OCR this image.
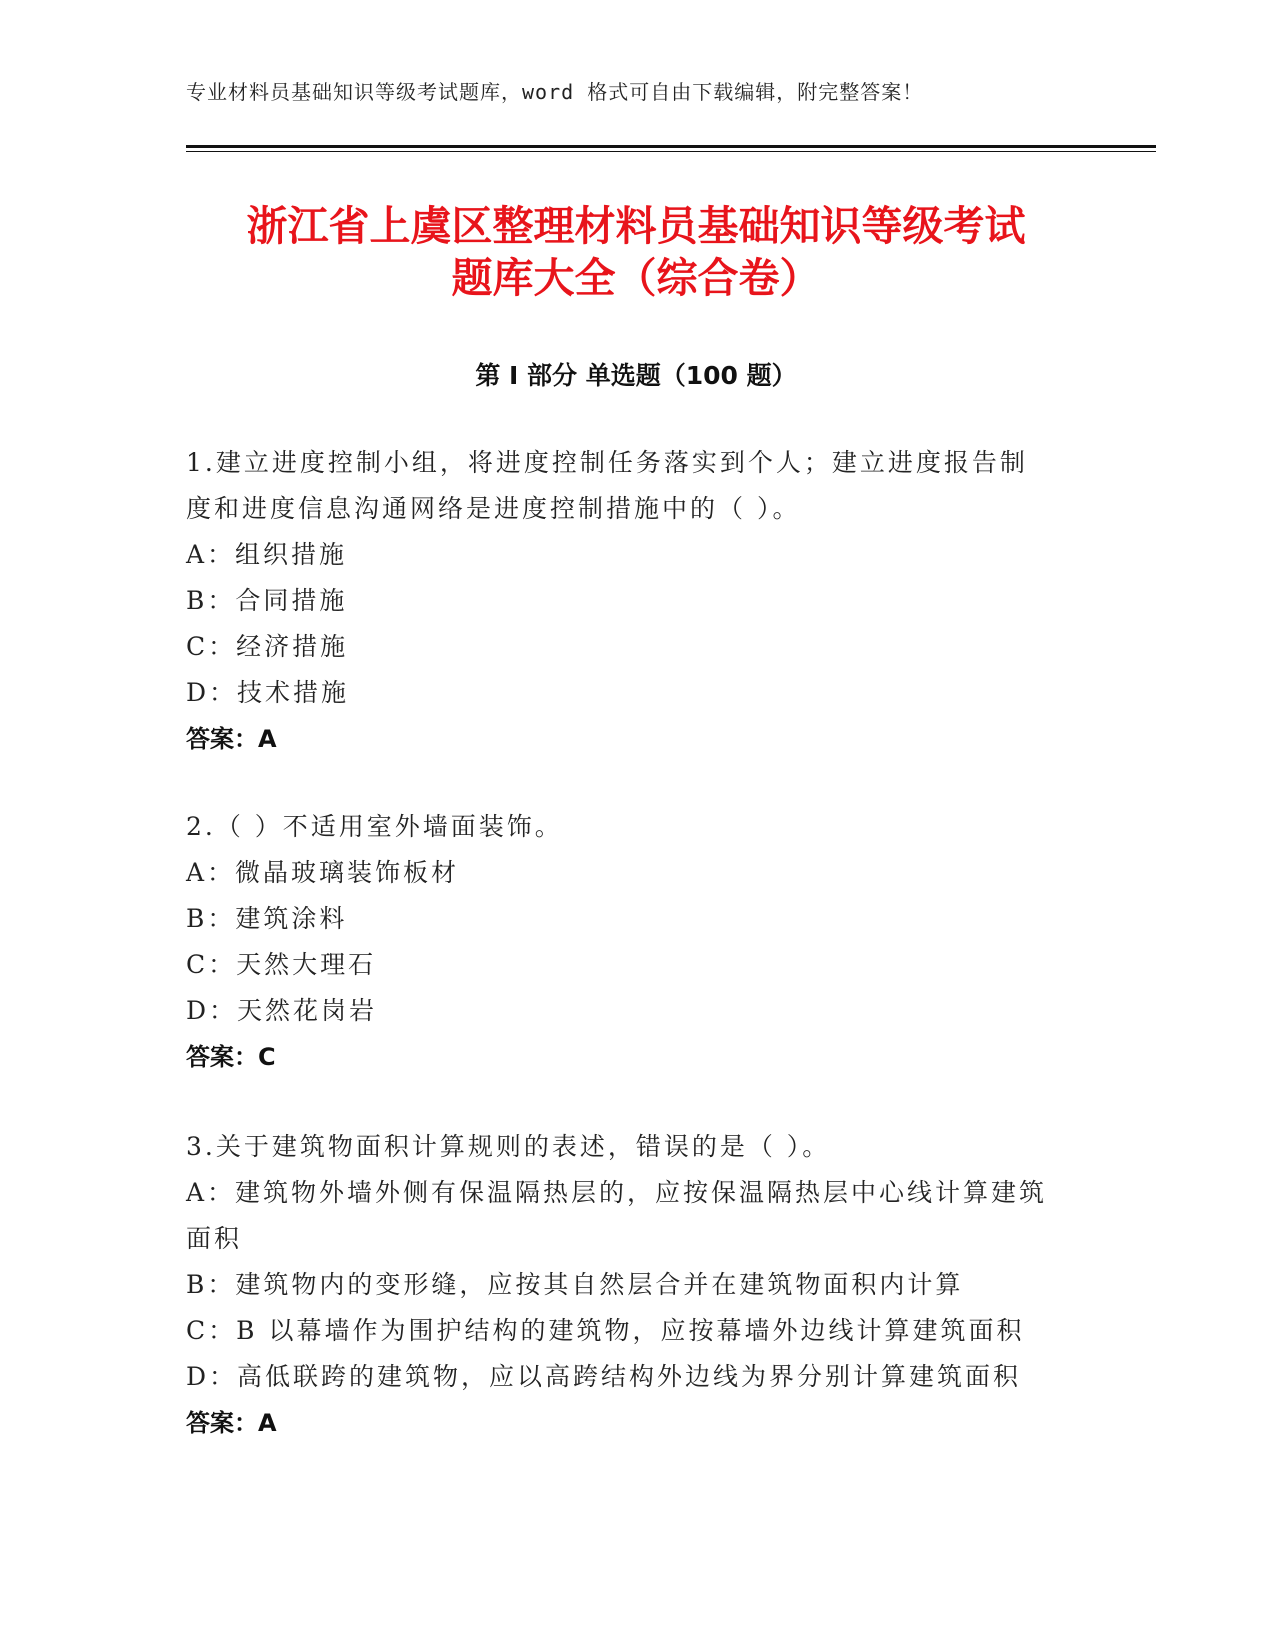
专业材料员基础知识等级考试题库，word 格式可自由下载编辑，附完整答案！
浙江省上虞区整理材料员基础知识等级考试
题库大全（综合卷）
第 I 部分 单选题（100 题）

1.建立进度控制小组，将进度控制任务落实到个人；建立进度报告制

度和进度信息沟通网络是进度控制措施中的（ ）。

A：组织措施

B：合同措施

C：经济措施

D：技术措施

答案：A

2.（ ）不适用室外墙面装饰。

A：微晶玻璃装饰板材

B：建筑涂料

C：天然大理石

D：天然花岗岩

答案：C

3.关于建筑物面积计算规则的表述，错误的是（ ）。

A：建筑物外墙外侧有保温隔热层的，应按保温隔热层中心线计算建筑

面积

B：建筑物内的变形缝，应按其自然层合并在建筑物面积内计算

C：B 以幕墙作为围护结构的建筑物，应按幕墙外边线计算建筑面积

D：高低联跨的建筑物，应以高跨结构外边线为界分别计算建筑面积

答案：A
